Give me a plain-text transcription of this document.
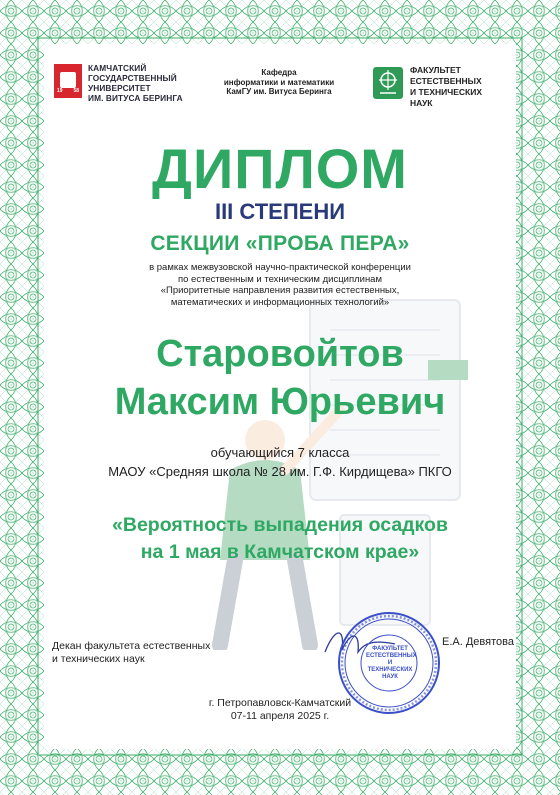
19 58
КАМЧАТСКИЙ
ГОСУДАРСТВЕННЫЙ
УНИВЕРСИТЕТ
ИМ. ВИТУСА БЕРИНГА
Кафедра
информатики и математики
КамГУ им. Витуса Беринга
ФАКУЛЬТЕТ
ЕСТЕСТВЕННЫХ
И ТЕХНИЧЕСКИХ
НАУК
ДИПЛОМ
III СТЕПЕНИ
СЕКЦИИ «ПРОБА ПЕРА»
в рамках межвузовской научно-практической конференции
по естественным и техническим дисциплинам
«Приоритетные направления развития естественных,
математических и информационных технологий»
Старовойтов
Максим Юрьевич
обучающийся 7 класса
МАОУ «Средняя школа № 28 им. Г.Ф. Кирдищева» ПКГО
«Вероятность выпадения осадков
на 1 мая в Камчатском крае»
Декан факультета естественных
и технических наук
Е.А. Девятова
ФАКУЛЬТЕТ
ЕСТЕСТВЕННЫХ
И ТЕХНИЧЕСКИХ
НАУК
г. Петропавловск-Камчатский
07-11 апреля 2025 г.
